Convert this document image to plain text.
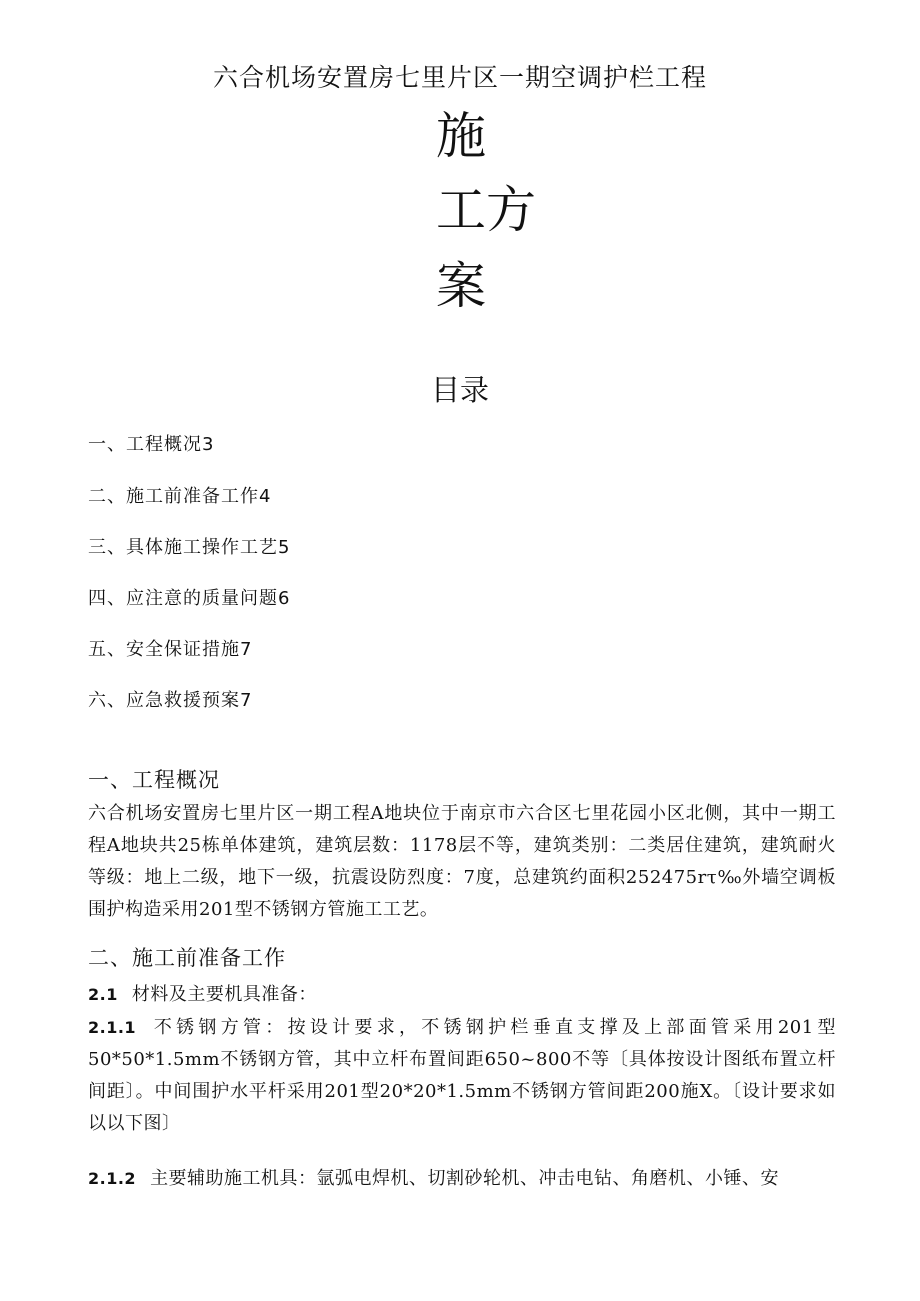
六合机场安置房七里片区一期空调护栏工程
施
工方
案
目录
一、工程概况3
二、施工前准备工作4
三、具体施工操作工艺5
四、应注意的质量问题6
五、安全保证措施7
六、应急救援预案7
一、工程概况
六合机场安置房七里片区一期工程A地块位于南京市六合区七里花园小区北侧，其中一期工程A地块共25栋单体建筑，建筑层数：1178层不等，建筑类别：二类居住建筑，建筑耐火等级：地上二级，地下一级，抗震设防烈度：7度，总建筑约面积252475rτ‰外墙空调板围护构造采用201型不锈钢方管施工工艺。
二、施工前准备工作
2.1 材料及主要机具准备：
2.1.1 不锈钢方管：按设计要求，不锈钢护栏垂直支撑及上部面管采用201型50*50*1.5mm不锈钢方管，其中立杆布置间距650~800不等〔具体按设计图纸布置立杆间距〕。中间围护水平杆采用201型20*20*1.5mm不锈钢方管间距200施X。〔设计要求如以以下图〕
2.1.2 主要辅助施工机具：氩弧电焊机、切割砂轮机、冲击电钻、角磨机、小锤、安
